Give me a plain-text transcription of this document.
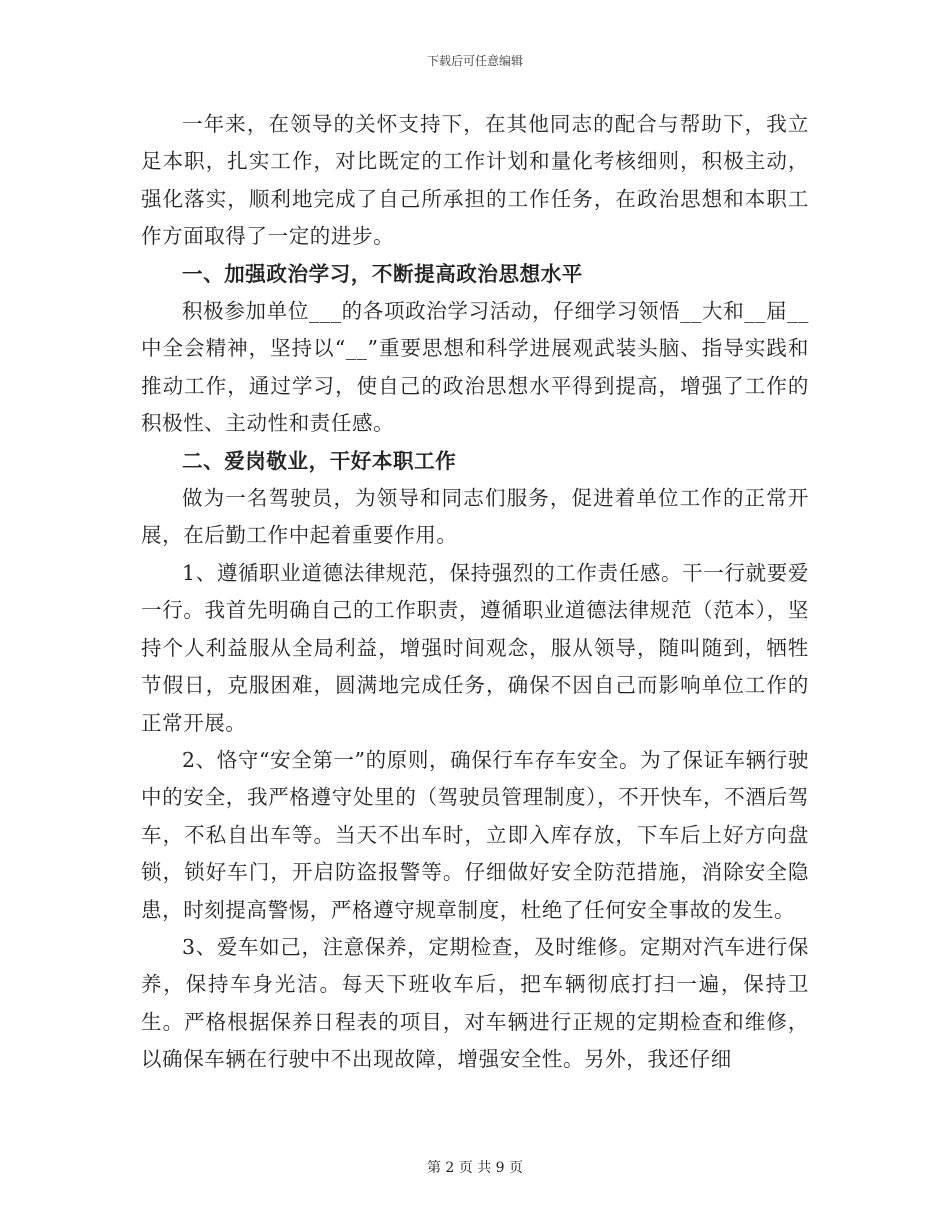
下载后可任意编辑

一年来，在领导的关怀支持下，在其他同志的配合与帮助下，我立足本职，扎实工作，对比既定的工作计划和量化考核细则，积极主动，强化落实，顺利地完成了自己所承担的工作任务，在政治思想和本职工作方面取得了一定的进步。

一、加强政治学习，不断提高政治思想水平

积极参加单位___的各项政治学习活动，仔细学习领悟__大和__届__中全会精神，坚持以“__”重要思想和科学进展观武装头脑、指导实践和推动工作，通过学习，使自己的政治思想水平得到提高，增强了工作的积极性、主动性和责任感。

二、爱岗敬业，干好本职工作

做为一名驾驶员，为领导和同志们服务，促进着单位工作的正常开展，在后勤工作中起着重要作用。

1、遵循职业道德法律规范，保持强烈的工作责任感。干一行就要爱一行。我首先明确自己的工作职责，遵循职业道德法律规范（范本），坚持个人利益服从全局利益，增强时间观念，服从领导，随叫随到，牺牲节假日，克服困难，圆满地完成任务，确保不因自己而影响单位工作的正常开展。

2、恪守“安全第一”的原则，确保行车存车安全。为了保证车辆行驶中的安全，我严格遵守处里的（驾驶员管理制度），不开快车，不酒后驾车，不私自出车等。当天不出车时，立即入库存放，下车后上好方向盘锁，锁好车门，开启防盗报警等。仔细做好安全防范措施，消除安全隐患，时刻提高警惕，严格遵守规章制度，杜绝了任何安全事故的发生。

3、爱车如己，注意保养，定期检查，及时维修。定期对汽车进行保养，保持车身光洁。每天下班收车后，把车辆彻底打扫一遍，保持卫生。严格根据保养日程表的项目，对车辆进行正规的定期检查和维修，以确保车辆在行驶中不出现故障，增强安全性。另外，我还仔细

第 2 页 共 9 页
